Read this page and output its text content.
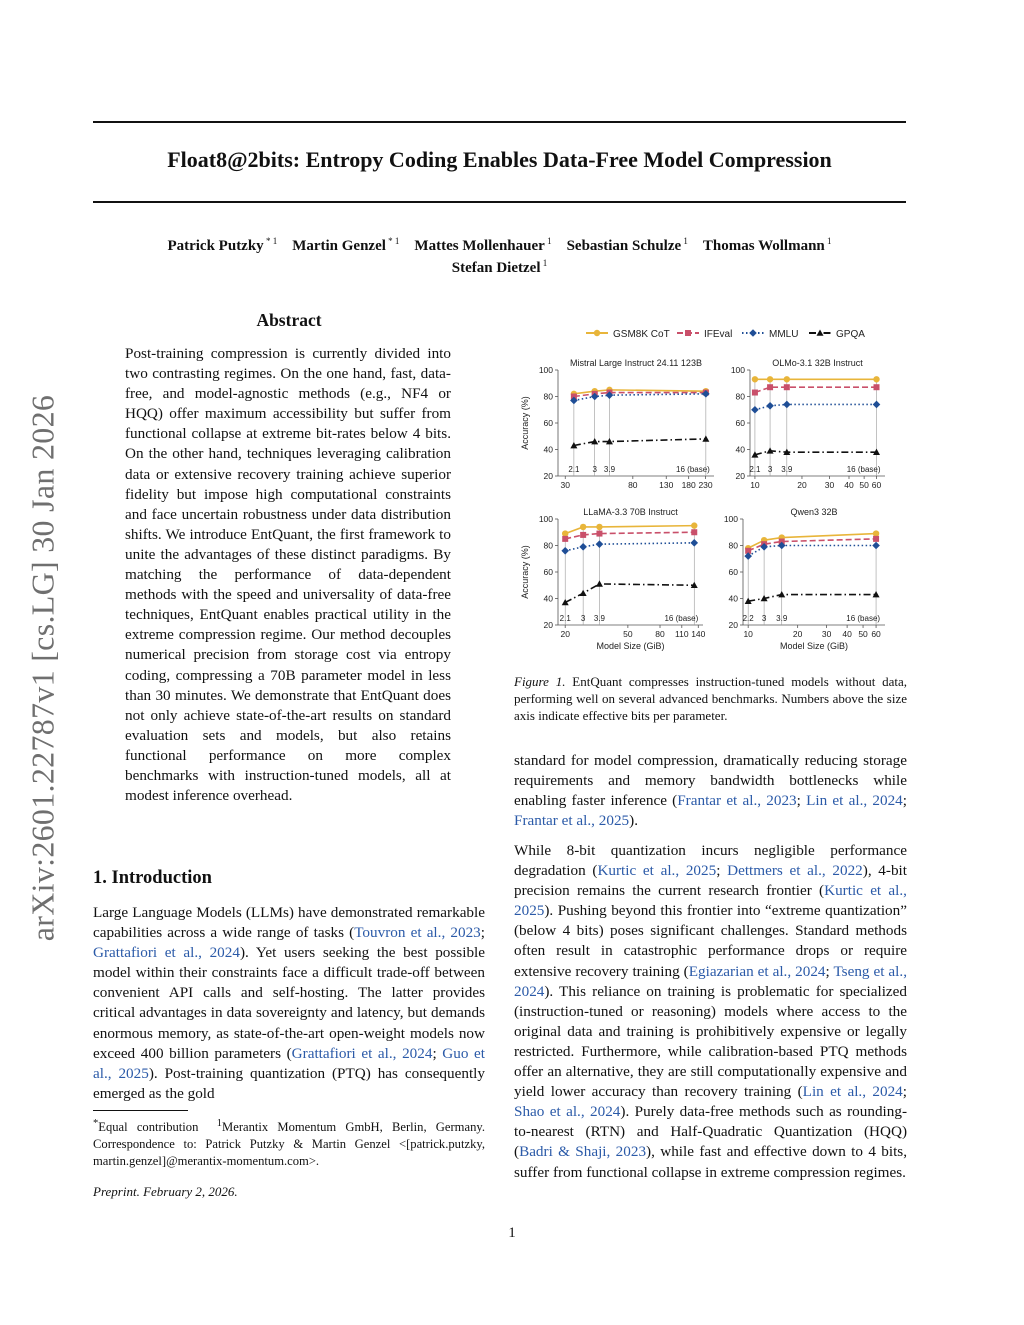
arXiv:2601.22787v1 [cs.LG] 30 Jan 2026
Float8@2bits: Entropy Coding Enables Data-Free Model Compression
Patrick Putzky $^{* 1}$  Martin Genzel $^{* 1}$  Mattes Mollenhauer $^1$  Sebastian Schulze $^1$  Thomas Wollmann $^1$
Stefan Dietzel $^1$
Abstract

Post-training compression is currently divided into two contrasting regimes. On the one hand, fast, data-free, and model-agnostic methods (e.g., NF4 or HQQ) offer maximum accessibility but suffer from functional collapse at extreme bit-rates below 4 bits. On the other hand, techniques leveraging calibration data or extensive recovery training achieve superior fidelity but impose high computational constraints and face uncertain robustness under data distribution shifts. We introduce EntQuant, the first framework to unite the advantages of these distinct paradigms. By matching the performance of data-dependent methods with the speed and universality of data-free techniques, EntQuant enables practical utility in the extreme compression regime. Our method decouples numerical precision from storage cost via entropy coding, compressing a 70B parameter model in less than 30 minutes. We demonstrate that EntQuant does not only achieve state-of-the-art results on standard evaluation sets and models, but also retains functional performance on more complex benchmarks with instruction-tuned models, all at modest inference overhead.

1. Introduction

Large Language Models (LLMs) have demonstrated remarkable capabilities across a wide range of tasks (Touvron et al., 2023; Grattafiori et al., 2024). Yet users seeking the best possible model within their constraints face a difficult trade-off between convenient API calls and self-hosting. The latter provides critical advantages in data sovereignty and latency, but demands enormous memory, as state-of-the-art open-weight models now exceed 400 billion parameters (Grattafiori et al., 2024; Guo et al., 2025). Post-training quantization (PTQ) has consequently emerged as the gold

*Equal contribution $^1$Merantix Momentum GmbH, Berlin, Germany. Correspondence to: Patrick Putzky & Martin Genzel <[patrick.putzky, martin.genzel]@merantix-momentum.com>.

Preprint. February 2, 2026.

GSM8K CoT	IFEval	MMLU	GPQA
20
40
60
80
100
30	80	130 180 230
Mistral Large Instruct 24.11 123B
2.1 3 3.9	16 (base)
Accuracy (%)
20
40
60
80
100
10	20 30 40 50 60
OLMo-3.1 32B Instruct
2.1 3 3.9	16 (base)
20
40
60
80
100
20	50	80 110 140
LLaMA-3.3 70B Instruct
2.1 3 3.9	16 (base)
Accuracy (%)
Model Size (GiB)
20
40
60
80
100
10	20 30 40 50 60
Qwen3 32B
2.2 3 3.9	16 (base)
Model Size (GiB)

Figure 1. EntQuant compresses instruction-tuned models without data, performing well on several advanced benchmarks. Numbers above the size axis indicate effective bits per parameter.

standard for model compression, dramatically reducing storage requirements and memory bandwidth bottlenecks while enabling faster inference (Frantar et al., 2023; Lin et al., 2024; Frantar et al., 2025).

While 8-bit quantization incurs negligible performance degradation (Kurtic et al., 2025; Dettmers et al., 2022), 4-bit precision remains the current research frontier (Kurtic et al., 2025). Pushing beyond this frontier into “extreme quantization” (below 4 bits) poses significant challenges. Standard methods often result in catastrophic performance drops or require extensive recovery training (Egiazarian et al., 2024; Tseng et al., 2024). This reliance on training is problematic for specialized (instruction-tuned or reasoning) models where access to the original data and training is prohibitively expensive or legally restricted. Furthermore, while calibration-based PTQ methods offer an alternative, they are still computationally expensive and yield lower accuracy than recovery training (Lin et al., 2024; Shao et al., 2024). Purely data-free methods such as rounding-to-nearest (RTN) and Half-Quadratic Quantization (HQQ) (Badri & Shaji, 2023), while fast and effective down to 4 bits, suffer from functional collapse in extreme compression regimes.

1
